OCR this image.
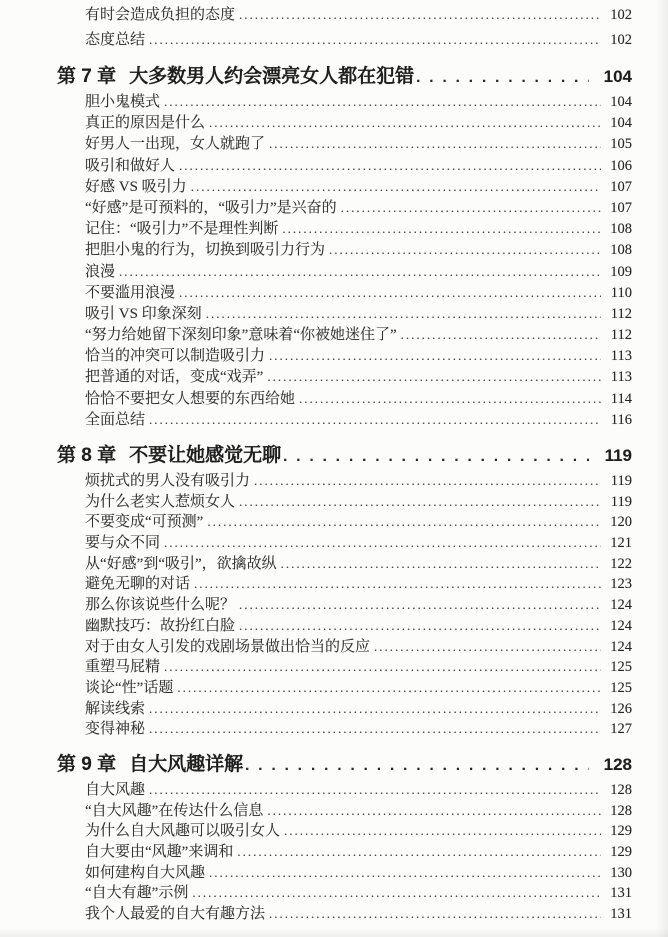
有时会造成负担的态度 .....	102
态度总结 .....	102
第 7 章 大多数男人约会漂亮女人都在犯错 .....	104
胆小鬼模式 .....	104
真正的原因是什么 .....	104
好男人一出现，女人就跑了 .....	105
吸引和做好人 .....	106
好感 VS 吸引力 .....	107
“好感”是可预料的，“吸引力”是兴奋的 .....	107
记住：“吸引力”不是理性判断 .....	108
把胆小鬼的行为，切换到吸引力行为 .....	108
浪漫 .....	109
不要滥用浪漫 .....	110
吸引 VS 印象深刻 .....	112
“努力给她留下深刻印象”意味着“你被她迷住了” .....	112
恰当的冲突可以制造吸引力 .....	113
把普通的对话，变成“戏弄” .....	113
恰恰不要把女人想要的东西给她 .....	114
全面总结 .....	116
第 8 章 不要让她感觉无聊 .....	119
烦扰式的男人没有吸引力 .....	119
为什么老实人惹烦女人 .....	119
不要变成“可预测” .....	120
要与众不同 .....	121
从“好感”到“吸引”，欲擒故纵 .....	122
避免无聊的对话 .....	123
那么你该说些什么呢？ .....	124
幽默技巧：故扮红白脸 .....	124
对于由女人引发的戏剧场景做出恰当的反应 .....	124
重塑马屁精 .....	125
谈论“性”话题 .....	125
解读线索 .....	126
变得神秘 .....	127
第 9 章 自大风趣详解 .....	128
自大风趣 .....	128
“自大风趣”在传达什么信息 .....	128
为什么自大风趣可以吸引女人 .....	129
自大要由“风趣”来调和 .....	129
如何建构自大风趣 .....	130
“自大有趣”示例 .....	131
我个人最爱的自大有趣方法 .....	131
